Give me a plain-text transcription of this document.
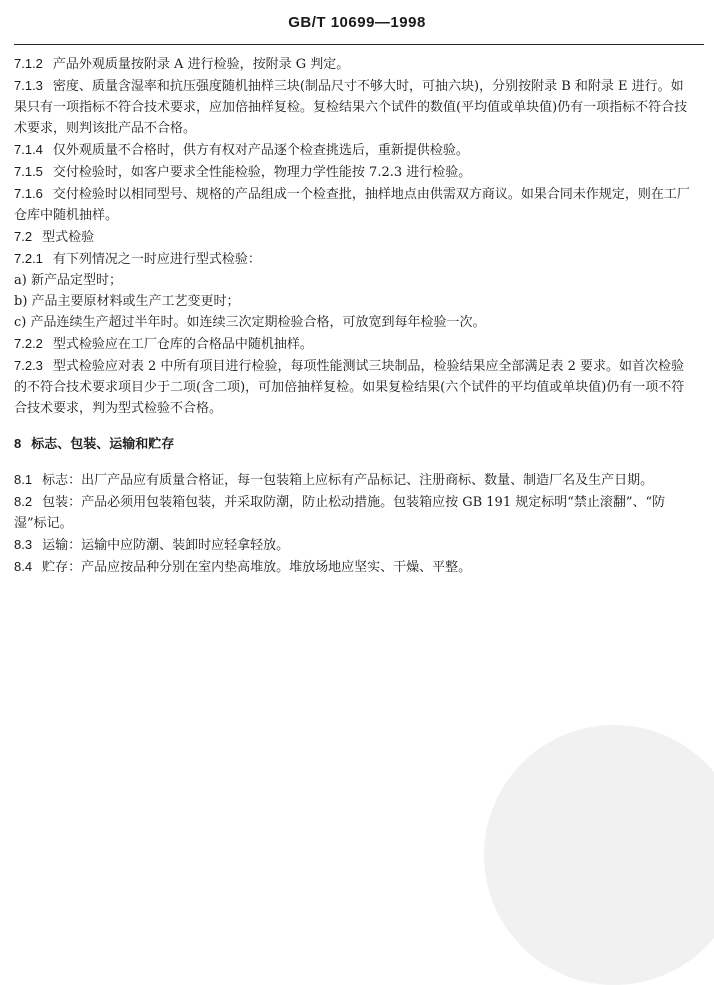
GB/T 10699—1998

7.1.2 产品外观质量按附录 A 进行检验，按附录 G 判定。

7.1.3 密度、质量含湿率和抗压强度随机抽样三块(制品尺寸不够大时，可抽六块)，分别按附录 B 和附录 E 进行。如果只有一项指标不符合技术要求，应加倍抽样复检。复检结果六个试件的数值(平均值或单块值)仍有一项指标不符合技术要求，则判该批产品不合格。

7.1.4 仅外观质量不合格时，供方有权对产品逐个检查挑选后，重新提供检验。

7.1.5 交付检验时，如客户要求全性能检验，物理力学性能按 7.2.3 进行检验。

7.1.6 交付检验时以相同型号、规格的产品组成一个检查批，抽样地点由供需双方商议。如果合同未作规定，则在工厂仓库中随机抽样。

7.2 型式检验

7.2.1 有下列情况之一时应进行型式检验：

a) 新产品定型时；

b) 产品主要原材料或生产工艺变更时；

c) 产品连续生产超过半年时。如连续三次定期检验合格，可放宽到每年检验一次。

7.2.2 型式检验应在工厂仓库的合格品中随机抽样。

7.2.3 型式检验应对表 2 中所有项目进行检验，每项性能测试三块制品，检验结果应全部满足表 2 要求。如首次检验的不符合技术要求项目少于二项(含二项)，可加倍抽样复检。如果复检结果(六个试件的平均值或单块值)仍有一项不符合技术要求，判为型式检验不合格。

8 标志、包装、运输和贮存

8.1 标志：出厂产品应有质量合格证，每一包装箱上应标有产品标记、注册商标、数量、制造厂名及生产日期。

8.2 包装：产品必须用包装箱包装，并采取防潮，防止松动措施。包装箱应按 GB 191 规定标明“禁止滚翻”、“防湿”标记。

8.3 运输：运输中应防潮、装卸时应轻拿轻放。

8.4 贮存：产品应按品种分别在室内垫高堆放。堆放场地应坚实、干燥、平整。
